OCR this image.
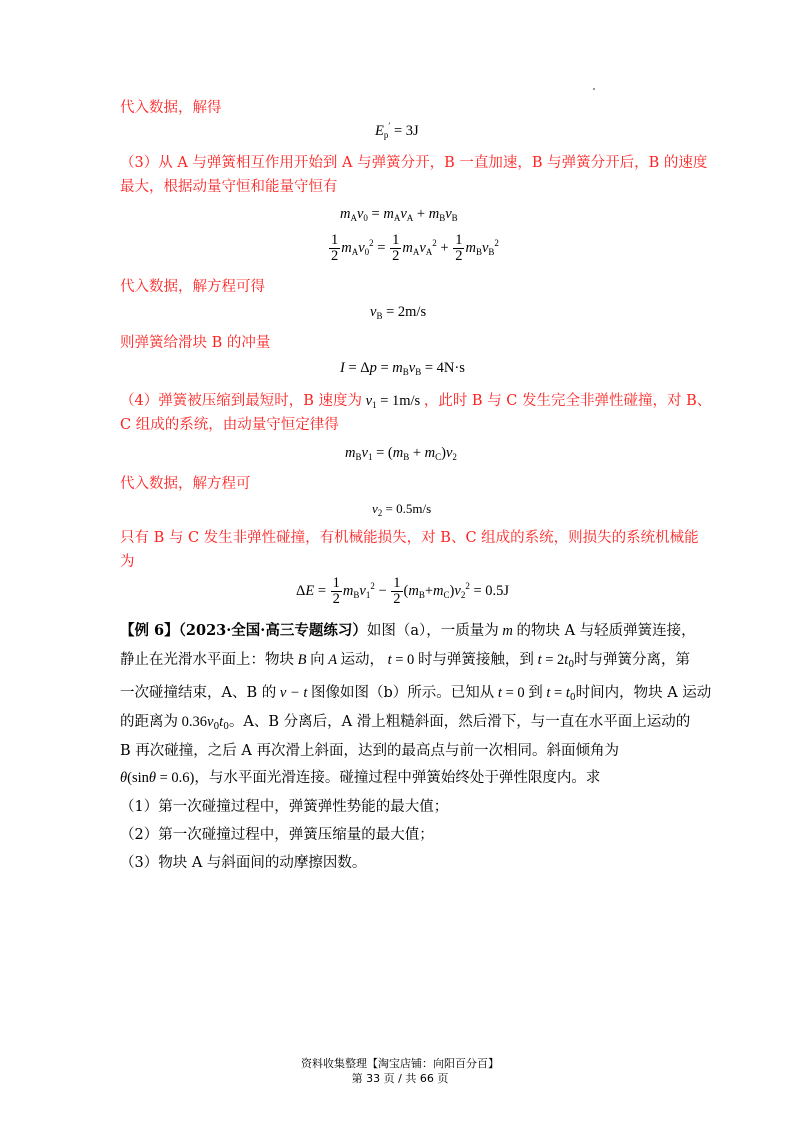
代入数据，解得
$E_p' = 3J$
（3）从 A 与弹簧相互作用开始到 A 与弹簧分开，B 一直加速，B 与弹簧分开后，B 的速度
最大，根据动量守恒和能量守恒有
$m_Av_0 = m_Av_A + m_Bv_B$
$\frac{1}{2} m_Av_0^2 = \frac{1}{2} m_Av_A^2 + \frac{1}{2} m_Bv_B^2$
代入数据，解方程可得
$v_B = 2m/s$
则弹簧给滑块 B 的冲量
$I = \Delta p = m_Bv_B = 4N\cdot s$
（4）弹簧被压缩到最短时，B 速度为 $v_1 = 1m/s$ ，此时 B 与 C 发生完全非弹性碰撞，对 B、
C 组成的系统，由动量守恒定律得
$m_Bv_1 = (m_B + m_C)v_2$
代入数据，解方程可
$v_2 = 0.5m/s$
只有 B 与 C 发生非弹性碰撞，有机械能损失，对 B、C 组成的系统，则损失的系统机械能
为
$\Delta E = \frac{1}{2} m_Bv_1^2 - \frac{1}{2} (m_B+m_C)v_2^2 = 0.5J$
【例 6】（2023·全国·高三专题练习）如图（a），一质量为 m 的物块 A 与轻质弹簧连接，
静止在光滑水平面上：物块 B 向 A 运动， t = 0 时与弹簧接触，到 $t = 2t_0$时与弹簧分离，第
一次碰撞结束，A、B 的 v − t 图像如图（b）所示。已知从 t = 0 到 $t = t_0$时间内，物块 A 运动
的距离为 $0.36v_0t_0$。A、B 分离后，A 滑上粗糙斜面，然后滑下，与一直在水平面上运动的
B 再次碰撞，之后 A 再次滑上斜面，达到的最高点与前一次相同。斜面倾角为
θ(sinθ = 0.6)，与水平面光滑连接。碰撞过程中弹簧始终处于弹性限度内。求
（1）第一次碰撞过程中，弹簧弹性势能的最大值；
（2）第一次碰撞过程中，弹簧压缩量的最大值；
（3）物块 A 与斜面间的动摩擦因数。
资料收集整理【淘宝店铺：向阳百分百】
第 33 页 / 共 66 页
